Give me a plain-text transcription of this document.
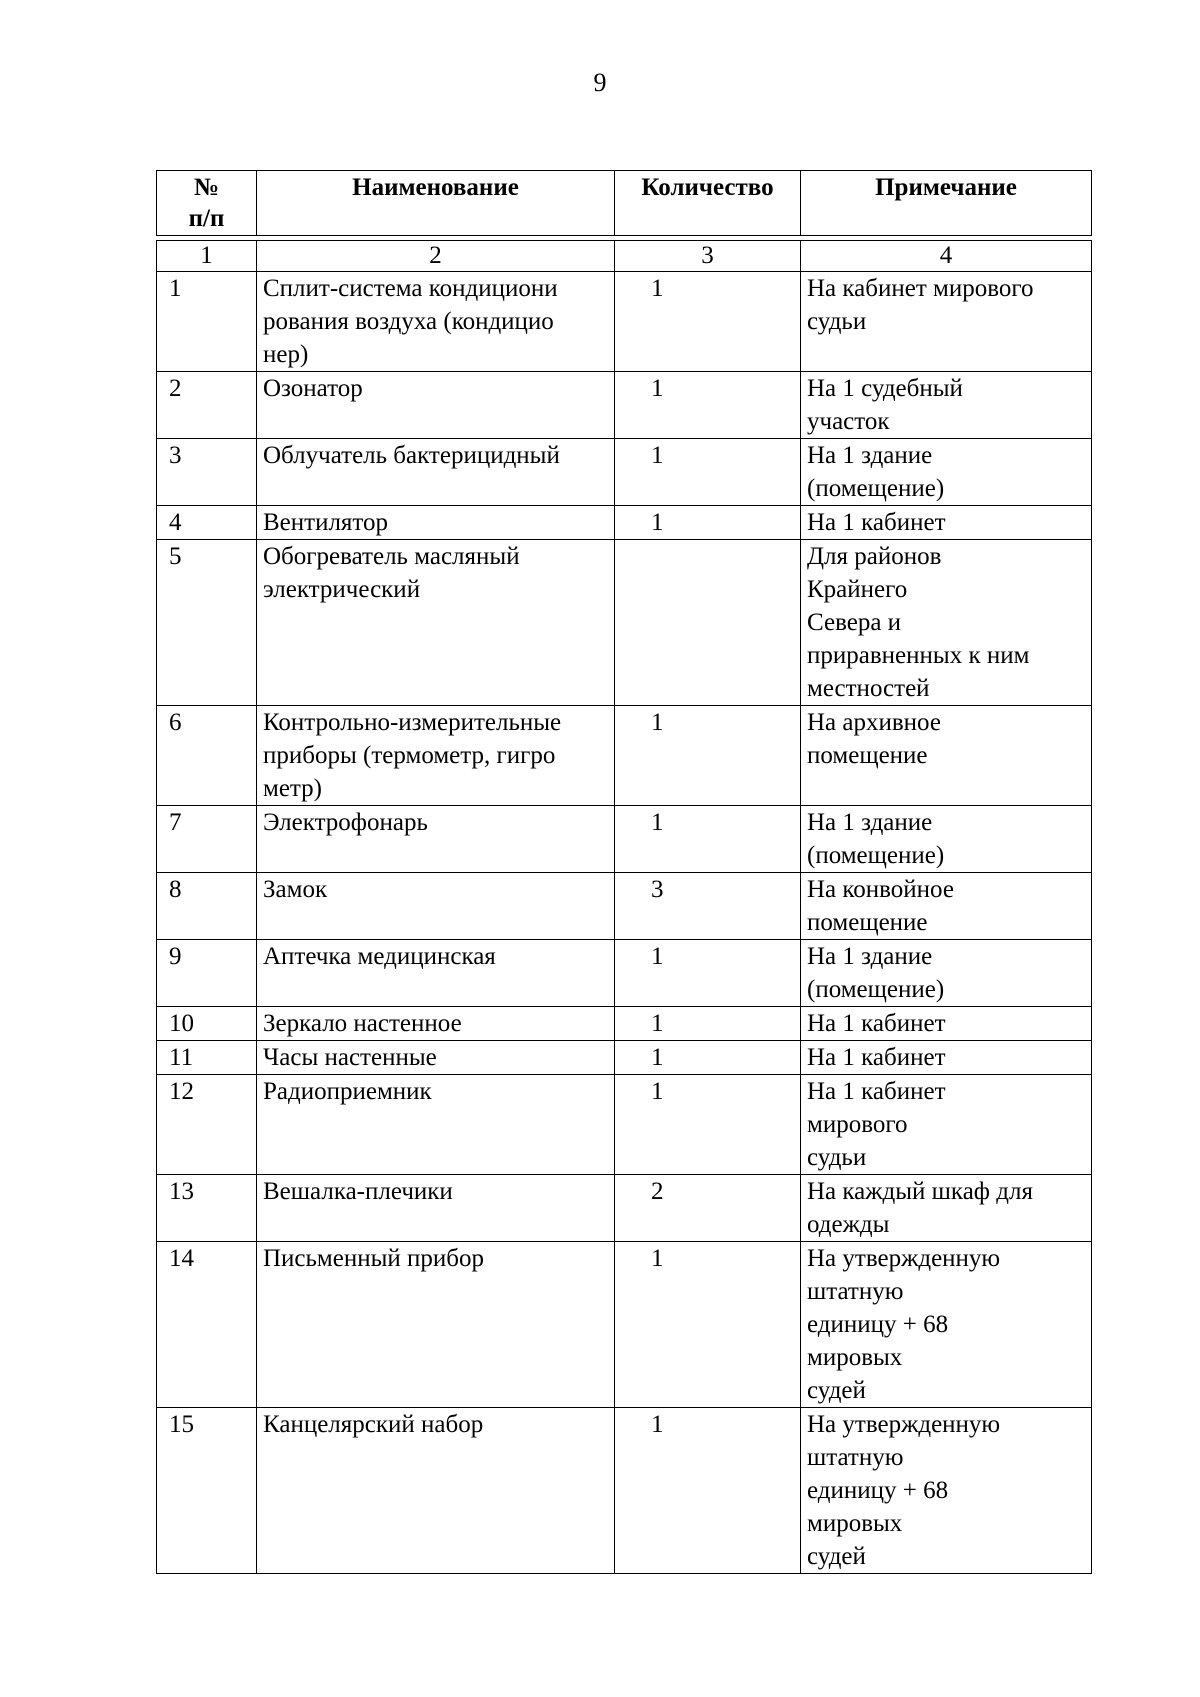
9
№
п/п	Наименование	Количество	Примечание
1	2	3	4
1	Сплит-система кондициони
рования воздуха (кондицио
нер)	1	На кабинет мирового
судьи
2	Озонатор	1	На 1 судебный
участок
3	Облучатель бактерицидный	1	На 1 здание
(помещение)
4	Вентилятор	1	На 1 кабинет
5	Обогреватель масляный
электрический		Для районов
Крайнего
Севера и
приравненных к ним
местностей
6	Контрольно-измерительные
приборы (термометр, гигро
метр)	1	На архивное
помещение
7	Электрофонарь	1	На 1 здание
(помещение)
8	Замок	3	На конвойное
помещение
9	Аптечка медицинская	1	На 1 здание
(помещение)
10	Зеркало настенное	1	На 1 кабинет
11	Часы настенные	1	На 1 кабинет
12	Радиоприемник	1	На 1 кабинет
мирового
судьи
13	Вешалка-плечики	2	На каждый шкаф для
одежды
14	Письменный прибор	1	На утвержденную
штатную
единицу + 68
мировых
судей
15	Канцелярский набор	1	На утвержденную
штатную
единицу + 68
мировых
судей
